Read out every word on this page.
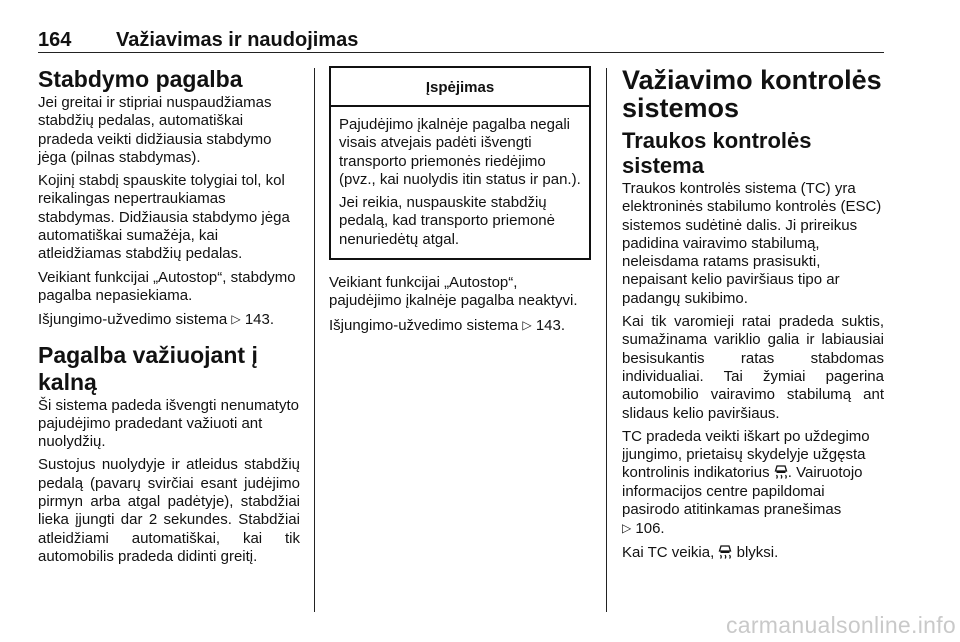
164 Važiavimas ir naudojimas
Stabdymo pagalba

Jei greitai ir stipriai nuspaudžiamas stabdžių pedalas, automatiškai pradeda veikti didžiausia stabdymo jėga (pilnas stabdymas).

Kojinį stabdį spauskite tolygiai tol, kol reikalingas nepertraukiamas stabdymas. Didžiausia stabdymo jėga automatiškai sumažėja, kai atleidžiamas stabdžių pedalas.

Veikiant funkcijai „Autostop“, stabdymo pagalba nepasiekiama.

Išjungimo-užvedimo sistema ▷ 143.

Pagalba važiuojant į kalną

Ši sistema padeda išvengti nenumatyto pajudėjimo pradedant važiuoti ant nuolydžių.

Sustojus nuolydyje ir atleidus stabdžių pedalą (pavarų svirčiai esant judėjimo pirmyn arba atgal padėtyje), stabdžiai lieka įjungti dar 2 sekundes. Stabdžiai atleidžiami automatiškai, kai tik automobilis pradeda didinti greitį.

Įspėjimas

Pajudėjimo įkalnėje pagalba negali visais atvejais padėti išvengti transporto priemonės riedėjimo (pvz., kai nuolydis itin status ir pan.).

Jei reikia, nuspauskite stabdžių pedalą, kad transporto priemonė nenuriedėtų atgal.

Veikiant funkcijai „Autostop“, pajudėjimo įkalnėje pagalba neaktyvi.

Išjungimo-užvedimo sistema ▷ 143.

Važiavimo kontrolės sistemos
Traukos kontrolės sistema

Traukos kontrolės sistema (TC) yra elektroninės stabilumo kontrolės (ESC) sistemos sudėtinė dalis. Ji prireikus padidina vairavimo stabilumą, neleisdama ratams prasisukti, nepaisant kelio paviršiaus tipo ar padangų sukibimo.

Kai tik varomieji ratai pradeda suktis, sumažinama variklio galia ir labiausiai besisukantis ratas stabdomas individualiai. Tai žymiai pagerina automobilio vairavimo stabilumą ant slidaus kelio paviršiaus.

TC pradeda veikti iškart po uždegimo įjungimo, prietaisų skydelyje užgęsta kontrolinis indikatorius . Vairuotojo informacijos centre papildomai pasirodo atitinkamas pranešimas
▷ 106.

Kai TC veikia, blyksi.

carmanualsonline.info
